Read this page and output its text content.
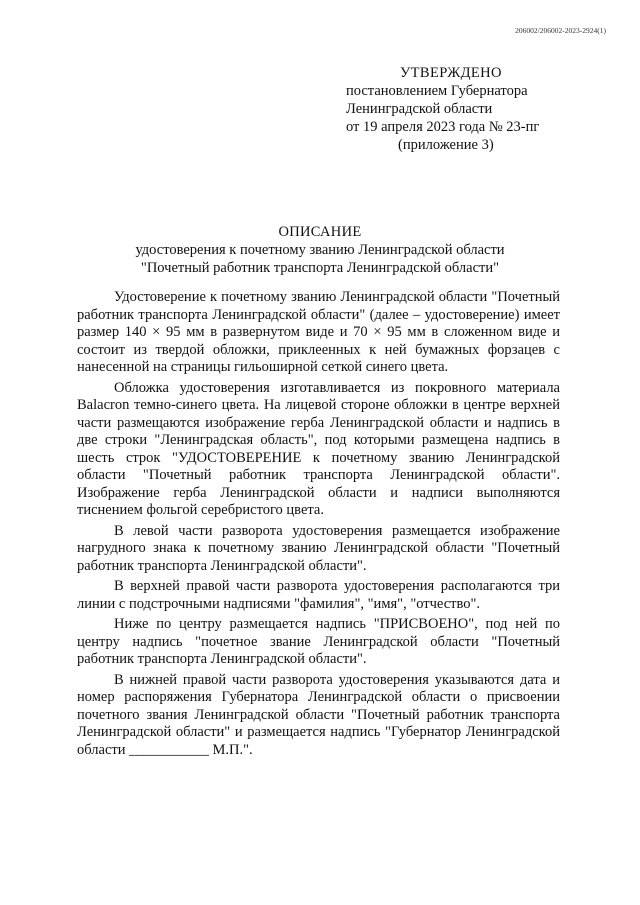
206002/206002-2023-2924(1)
УТВЕРЖДЕНО
постановлением Губернатора
Ленинградской области
от 19 апреля 2023 года № 23-пг
(приложение 3)
ОПИСАНИЕ
удостоверения к почетному званию Ленинградской области
"Почетный работник транспорта Ленинградской области"

Удостоверение к почетному званию Ленинградской области "Почетный работник транспорта Ленинградской области" (далее – удостоверение) имеет размер 140 × 95 мм в развернутом виде и 70 × 95 мм в сложенном виде и состоит из твердой обложки, приклеенных к ней бумажных форзацев с нанесенной на страницы гильоширной сеткой синего цвета.

Обложка удостоверения изготавливается из покровного материала Balacron темно-синего цвета. На лицевой стороне обложки в центре верхней части размещаются изображение герба Ленинградской области и надпись в две строки "Ленинградская область", под которыми размещена надпись в шесть строк "УДОСТОВЕРЕНИЕ к почетному званию Ленинградской области "Почетный работник транспорта Ленинградской области". Изображение герба Ленинградской области и надписи выполняются тиснением фольгой серебристого цвета.

В левой части разворота удостоверения размещается изображение нагрудного знака к почетному званию Ленинградской области "Почетный работник транспорта Ленинградской области".

В верхней правой части разворота удостоверения располагаются три линии с подстрочными надписями "фамилия", "имя", "отчество".

Ниже по центру размещается надпись "ПРИСВОЕНО", под ней по центру надпись "почетное звание Ленинградской области "Почетный работник транспорта Ленинградской области".

В нижней правой части разворота удостоверения указываются дата и номер распоряжения Губернатора Ленинградской области о присвоении почетного звания Ленинградской области "Почетный работник транспорта Ленинградской области" и размещается надпись "Губернатор Ленинградской области ___________ М.П.".
